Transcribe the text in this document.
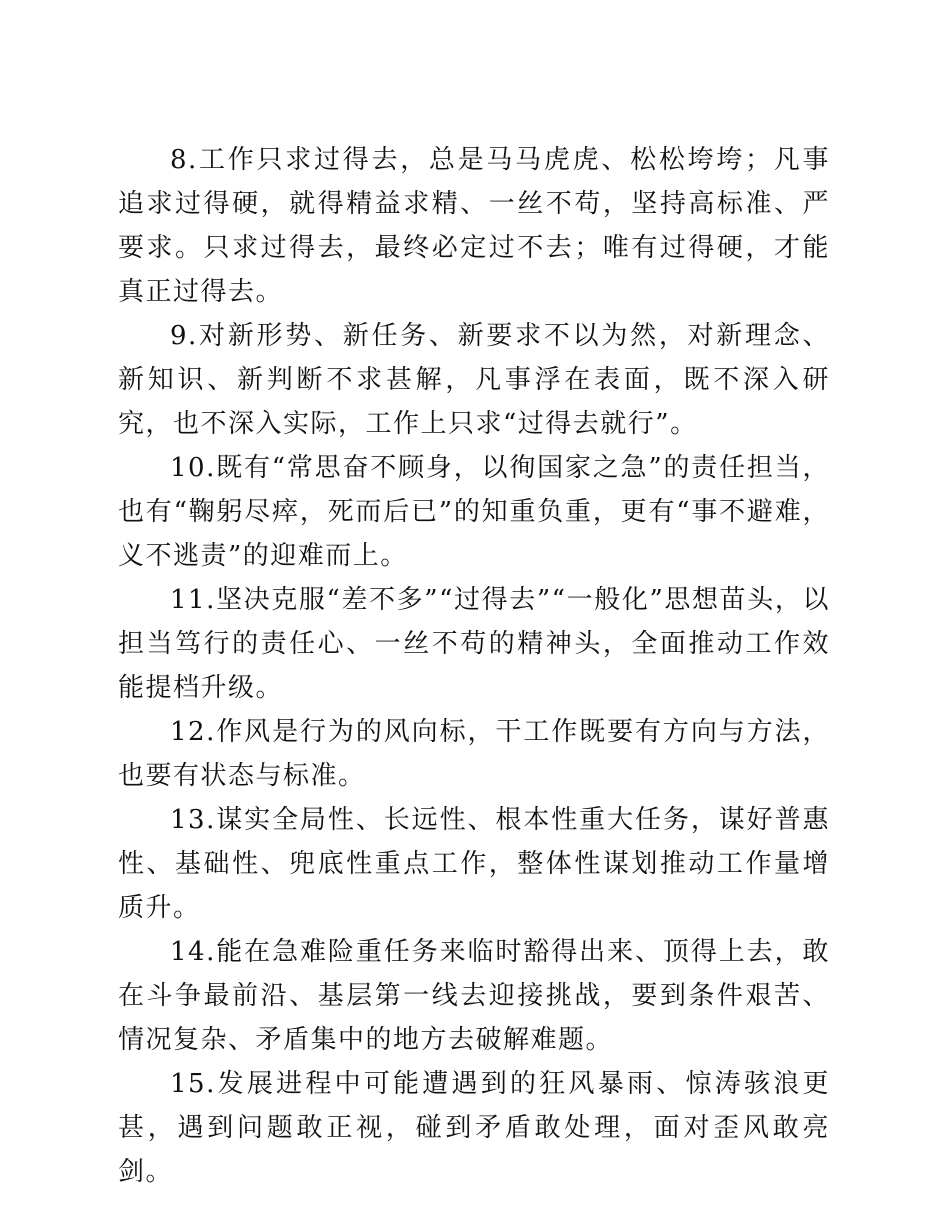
8.工作只求过得去，总是马马虎虎、松松垮垮；凡事追求过得硬，就得精益求精、一丝不苟，坚持高标准、严要求。只求过得去，最终必定过不去；唯有过得硬，才能真正过得去。

9.对新形势、新任务、新要求不以为然，对新理念、新知识、新判断不求甚解，凡事浮在表面，既不深入研究，也不深入实际，工作上只求“过得去就行”。

10.既有“常思奋不顾身，以徇国家之急”的责任担当，也有“鞠躬尽瘁，死而后已”的知重负重，更有“事不避难，义不逃责”的迎难而上。

11.坚决克服“差不多”“过得去”“一般化”思想苗头，以担当笃行的责任心、一丝不苟的精神头，全面推动工作效能提档升级。

12.作风是行为的风向标，干工作既要有方向与方法，也要有状态与标准。

13.谋实全局性、长远性、根本性重大任务，谋好普惠性、基础性、兜底性重点工作，整体性谋划推动工作量增质升。

14.能在急难险重任务来临时豁得出来、顶得上去，敢在斗争最前沿、基层第一线去迎接挑战，要到条件艰苦、情况复杂、矛盾集中的地方去破解难题。

15.发展进程中可能遭遇到的狂风暴雨、惊涛骇浪更甚，遇到问题敢正视，碰到矛盾敢处理，面对歪风敢亮剑。
